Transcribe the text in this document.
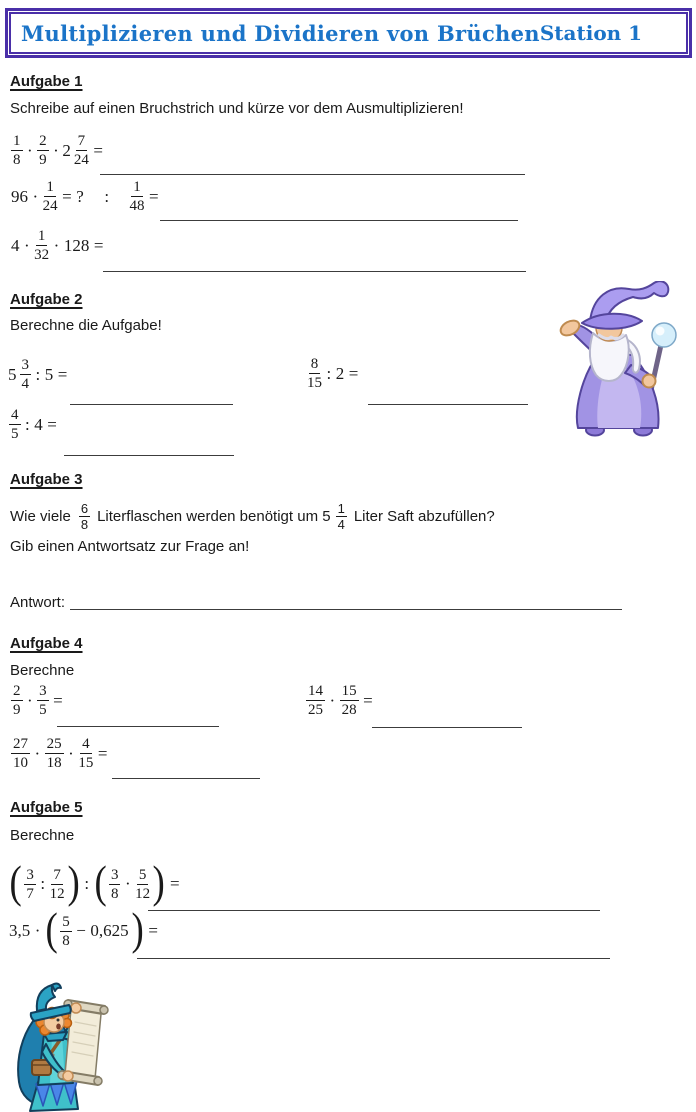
Multiplizieren und Dividieren von Brüchen Station 1
Aufgabe 1
Schreibe auf einen Bruchstrich und kürze vor dem Ausmultiplizieren!
$\frac{1}{8} \cdot \frac{2}{9} \cdot 2 \frac{7}{24}$ =
$96 \cdot \frac{1}{24}$ = ? : $\frac{1}{48}$ =
$4 \cdot \frac{1}{32} \cdot 128$ =
Aufgabe 2
Berechne die Aufgabe!
$5 \frac{3}{4}$ : 5 =	$\frac{8}{15}$ : 2 =
$\frac{4}{5}$ : 4 =
Aufgabe 3
Wie viele $\frac{6}{8}$ Literflaschen werden benötigt um $5 \frac{1}{4}$ Liter Saft abzufüllen?
Gib einen Antwortsatz zur Frage an!
Antwort:
Aufgabe 4
Berechne
$\frac{2}{9} \cdot \frac{3}{5}$ =	$\frac{14}{25} \cdot \frac{15}{28}$ =
$\frac{27}{10} \cdot \frac{25}{18} \cdot \frac{4}{15}$ =
Aufgabe 5
Berechne
( $\frac{3}{7}$ : $\frac{7}{12}$ ) : ( $\frac{3}{8} \cdot \frac{5}{12}$ ) =
3,5 · ( $\frac{5}{8} - 0,625$ ) =
